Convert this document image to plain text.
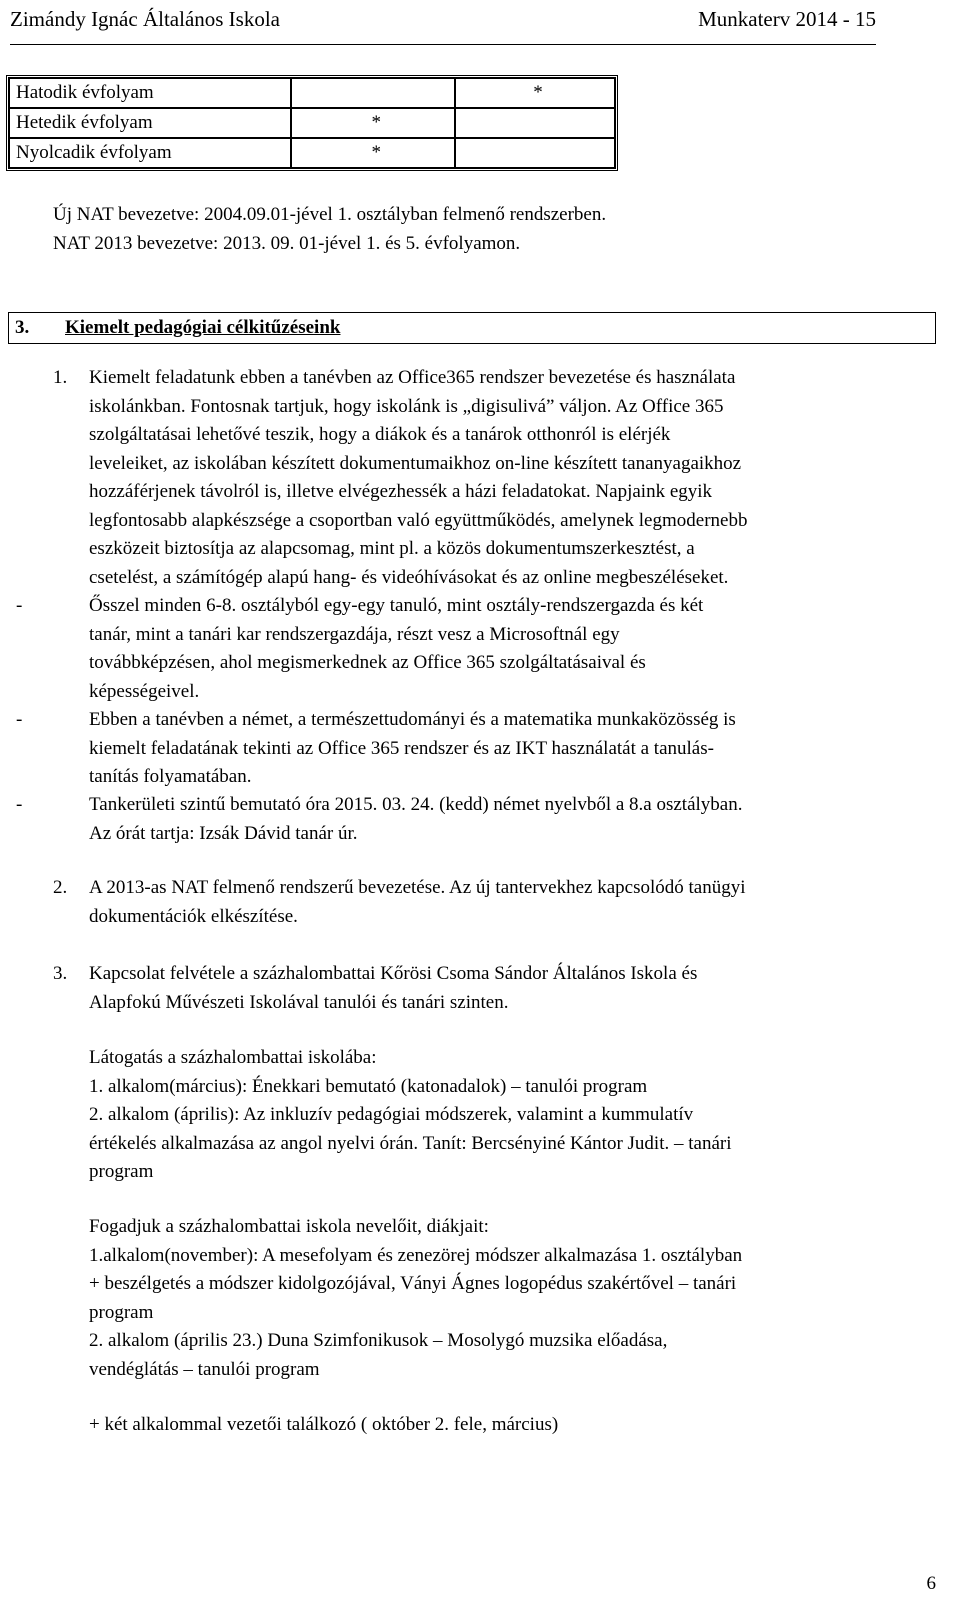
Zimándy Ignác Általános Iskola	Munkaterv 2014 - 15
Hatodik évfolyam		*
Hetedik évfolyam	*	
Nyolcadik évfolyam	*	

Új NAT bevezetve: 2004.09.01-jével 1. osztályban felmenő rendszerben.

NAT 2013 bevezetve: 2013. 09. 01-jével 1. és 5. évfolyamon.

3. Kiemelt pedagógiai célkitűzéseink
1. Kiemelt feladatunk ebben a tanévben az Office365 rendszer bevezetése és használata
iskolánkban. Fontosnak tartjuk, hogy iskolánk is „digisulivá” váljon. Az Office 365
szolgáltatásai lehetővé teszik, hogy a diákok és a tanárok otthonról is elérjék
leveleiket, az iskolában készített dokumentumaikhoz on-line készített tananyagaikhoz
hozzáférjenek távolról is, illetve elvégezhessék a házi feladatokat. Napjaink egyik
legfontosabb alapkészsége a csoportban való együttműködés, amelynek legmodernebb
eszközeit biztosítja az alapcsomag, mint pl. a közös dokumentumszerkesztést, a
csetelést, a számítógép alapú hang- és videóhívásokat és az online megbeszéléseket.
-	Ősszel minden 6-8. osztályból egy-egy tanuló, mint osztály-rendszergazda és két
tanár, mint a tanári kar rendszergazdája, részt vesz a Microsoftnál egy
továbbképzésen, ahol megismerkednek az Office 365 szolgáltatásaival és
képességeivel.
-	Ebben a tanévben a német, a természettudományi és a matematika munkaközösség is
kiemelt feladatának tekinti az Office 365 rendszer és az IKT használatát a tanulás-
tanítás folyamatában.
-	Tankerületi szintű bemutató óra 2015. 03. 24. (kedd) német nyelvből a 8.a osztályban.
Az órát tartja: Izsák Dávid tanár úr.
2. A 2013-as NAT felmenő rendszerű bevezetése. Az új tantervekhez kapcsolódó tanügyi
dokumentációk elkészítése.
3. Kapcsolat felvétele a százhalombattai Kőrösi Csoma Sándor Általános Iskola és
Alapfokú Művészeti Iskolával tanulói és tanári szinten.
Látogatás a százhalombattai iskolába:
1. alkalom(március): Énekkari bemutató (katonadalok) – tanulói program
2. alkalom (április): Az inkluzív pedagógiai módszerek, valamint a kummulatív
értékelés alkalmazása az angol nyelvi órán. Tanít: Bercsényiné Kántor Judit. – tanári
program
Fogadjuk a százhalombattai iskola nevelőit, diákjait:
1.alkalom(november): A mesefolyam és zenezörej módszer alkalmazása 1. osztályban
+ beszélgetés a módszer kidolgozójával, Ványi Ágnes logopédus szakértővel – tanári
program
2. alkalom (április 23.) Duna Szimfonikusok – Mosolygó muzsika előadása,
vendéglátás – tanulói program
+ két alkalommal vezetői találkozó ( október 2. fele, március)
6
